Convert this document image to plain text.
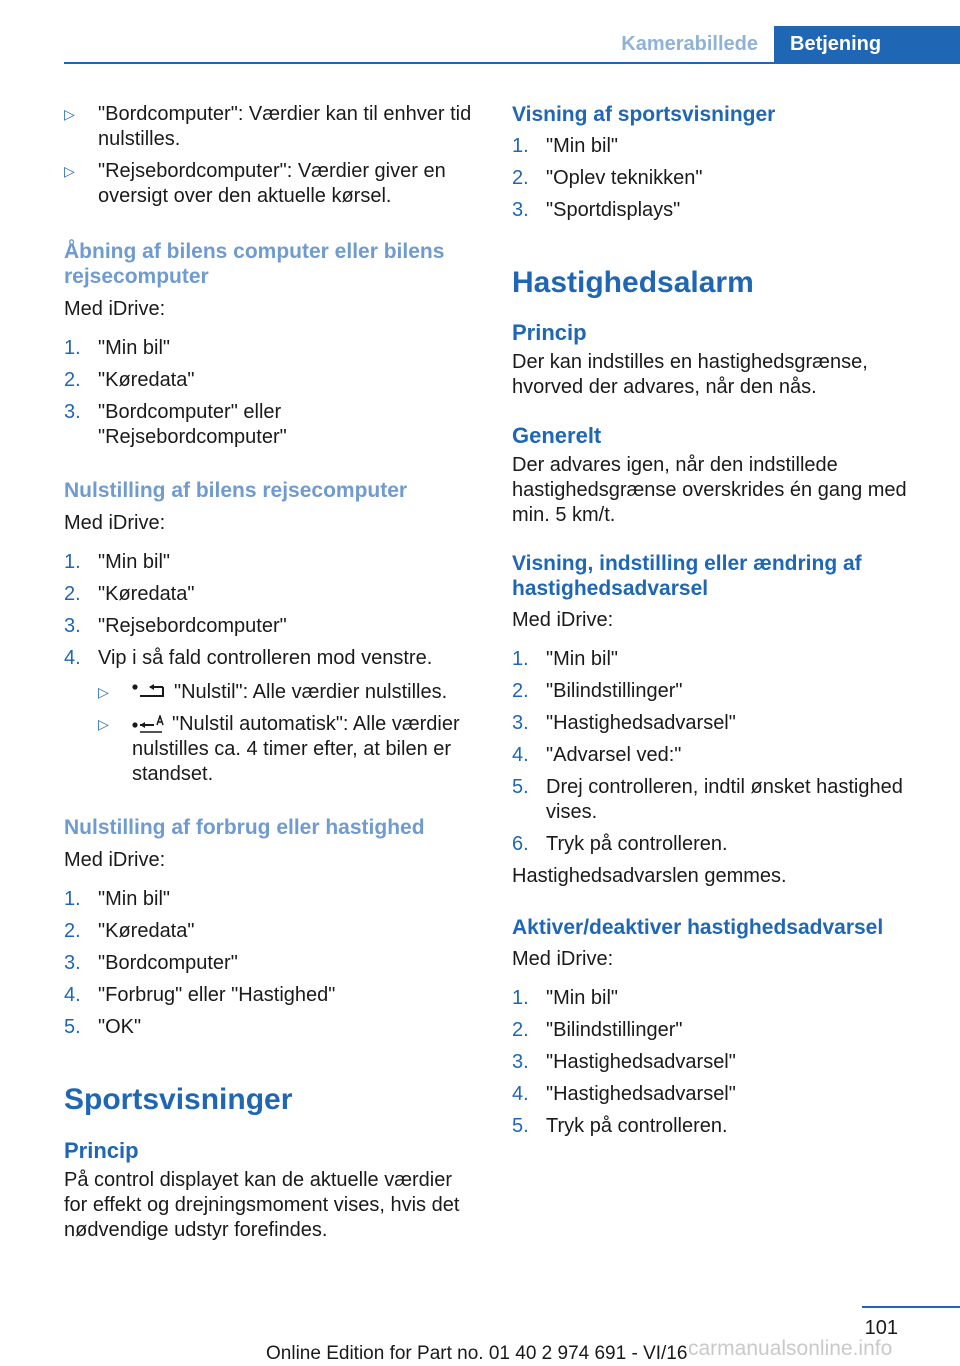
Kamerabillede	Betjening
▷ "Bordcomputer": Værdier kan til enhver tid nulstilles.
▷ "Rejsebordcomputer": Værdier giver en oversigt over den aktuelle kørsel.
Åbning af bilens computer eller bilens rejsecomputer

Med iDrive:

1. "Min bil"
2. "Køredata"
3. "Bordcomputer" eller "Rejsebordcomputer"
Nulstilling af bilens rejsecomputer

Med iDrive:

1. "Min bil"
2. "Køredata"
3. "Rejsebordcomputer"
4. Vip i så fald controlleren mod venstre.
▷	"Nulstil": Alle værdier nulstilles.
▷	"Nulstil automatisk": Alle værdier nulstilles ca. 4 timer efter, at bilen er standset.
Nulstilling af forbrug eller hastighed

Med iDrive:

1. "Min bil"
2. "Køredata"
3. "Bordcomputer"
4. "Forbrug" eller "Hastighed"
5. "OK"
Sportsvisninger
Princip

På control displayet kan de aktuelle værdier for effekt og drejningsmoment vises, hvis det nødvendige udstyr forefindes.

Visning af sportsvisninger
1. "Min bil"
2. "Oplev teknikken"
3. "Sportdisplays"
Hastighedsalarm
Princip

Der kan indstilles en hastighedsgrænse, hvorved der advares, når den nås.

Generelt

Der advares igen, når den indstillede hastighedsgrænse overskrides én gang med min. 5 km/t.

Visning, indstilling eller ændring af hastighedsadvarsel

Med iDrive:

1. "Min bil"
2. "Bilindstillinger"
3. "Hastighedsadvarsel"
4. "Advarsel ved:"
5. Drej controlleren, indtil ønsket hastighed vises.
6. Tryk på controlleren.

Hastighedsadvarslen gemmes.

Aktiver/deaktiver hastighedsadvarsel

Med iDrive:

1. "Min bil"
2. "Bilindstillinger"
3. "Hastighedsadvarsel"
4. "Hastighedsadvarsel"
5. Tryk på controlleren.
101
Online Edition for Part no. 01 40 2 974 691 - VI/16 carmanualsonline.info
